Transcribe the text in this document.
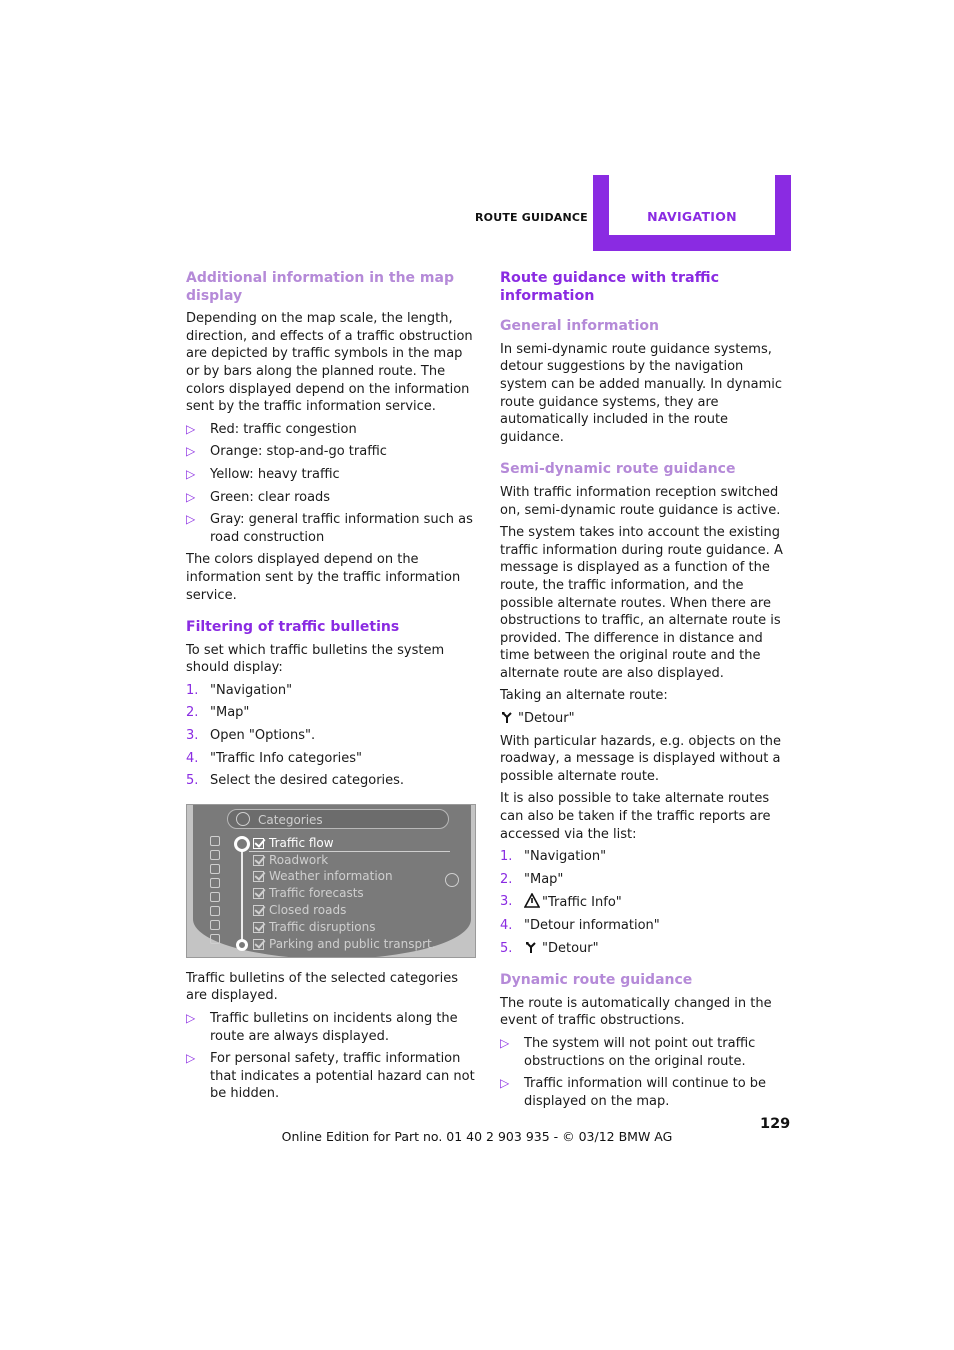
ROUTE GUIDANCE	NAVIGATION
Additional information in the map display

Depending on the map scale, the length, direction, and effects of a traffic obstruction are depicted by traffic symbols in the map or by bars along the planned route. The colors displayed depend on the information sent by the traffic information service.

▷ Red: traffic congestion
▷ Orange: stop-and-go traffic
▷ Yellow: heavy traffic
▷ Green: clear roads
▷ Gray: general traffic information such as road construction

The colors displayed depend on the information sent by the traffic information service.

Filtering of traffic bulletins

To set which traffic bulletins the system should display:

1. "Navigation"
2. "Map"
3. Open "Options".
4. "Traffic Info categories"
5. Select the desired categories.
Categories
Traffic flow
Roadwork
Weather information
Traffic forecasts
Closed roads
Traffic disruptions
Parking and public transprt.

Traffic bulletins of the selected categories are displayed.

▷ Traffic bulletins on incidents along the route are always displayed.
▷ For personal safety, traffic information that indicates a potential hazard can not be hidden.
Route guidance with traffic information
General information

In semi-dynamic route guidance systems, detour suggestions by the navigation system can be added manually. In dynamic route guidance systems, they are automatically included in the route guidance.

Semi-dynamic route guidance

With traffic information reception switched on, semi-dynamic route guidance is active.

The system takes into account the existing traffic information during route guidance. A message is displayed as a function of the route, the traffic information, and the possible alternate routes. When there are obstructions to traffic, an alternate route is provided. The difference in distance and time between the original route and the alternate route are also displayed.

Taking an alternate route:

"Detour"

With particular hazards, e.g. objects on the roadway, a message is displayed without a possible alternate route.

It is also possible to take alternate routes can also be taken if the traffic reports are accessed via the list:

1. "Navigation"
2. "Map"
3. "Traffic Info"
4. "Detour information"
5. "Detour"
Dynamic route guidance

The route is automatically changed in the event of traffic obstructions.

▷ The system will not point out traffic obstructions on the original route.
▷ Traffic information will continue to be displayed on the map.
129
Online Edition for Part no. 01 40 2 903 935 - © 03/12 BMW AG
